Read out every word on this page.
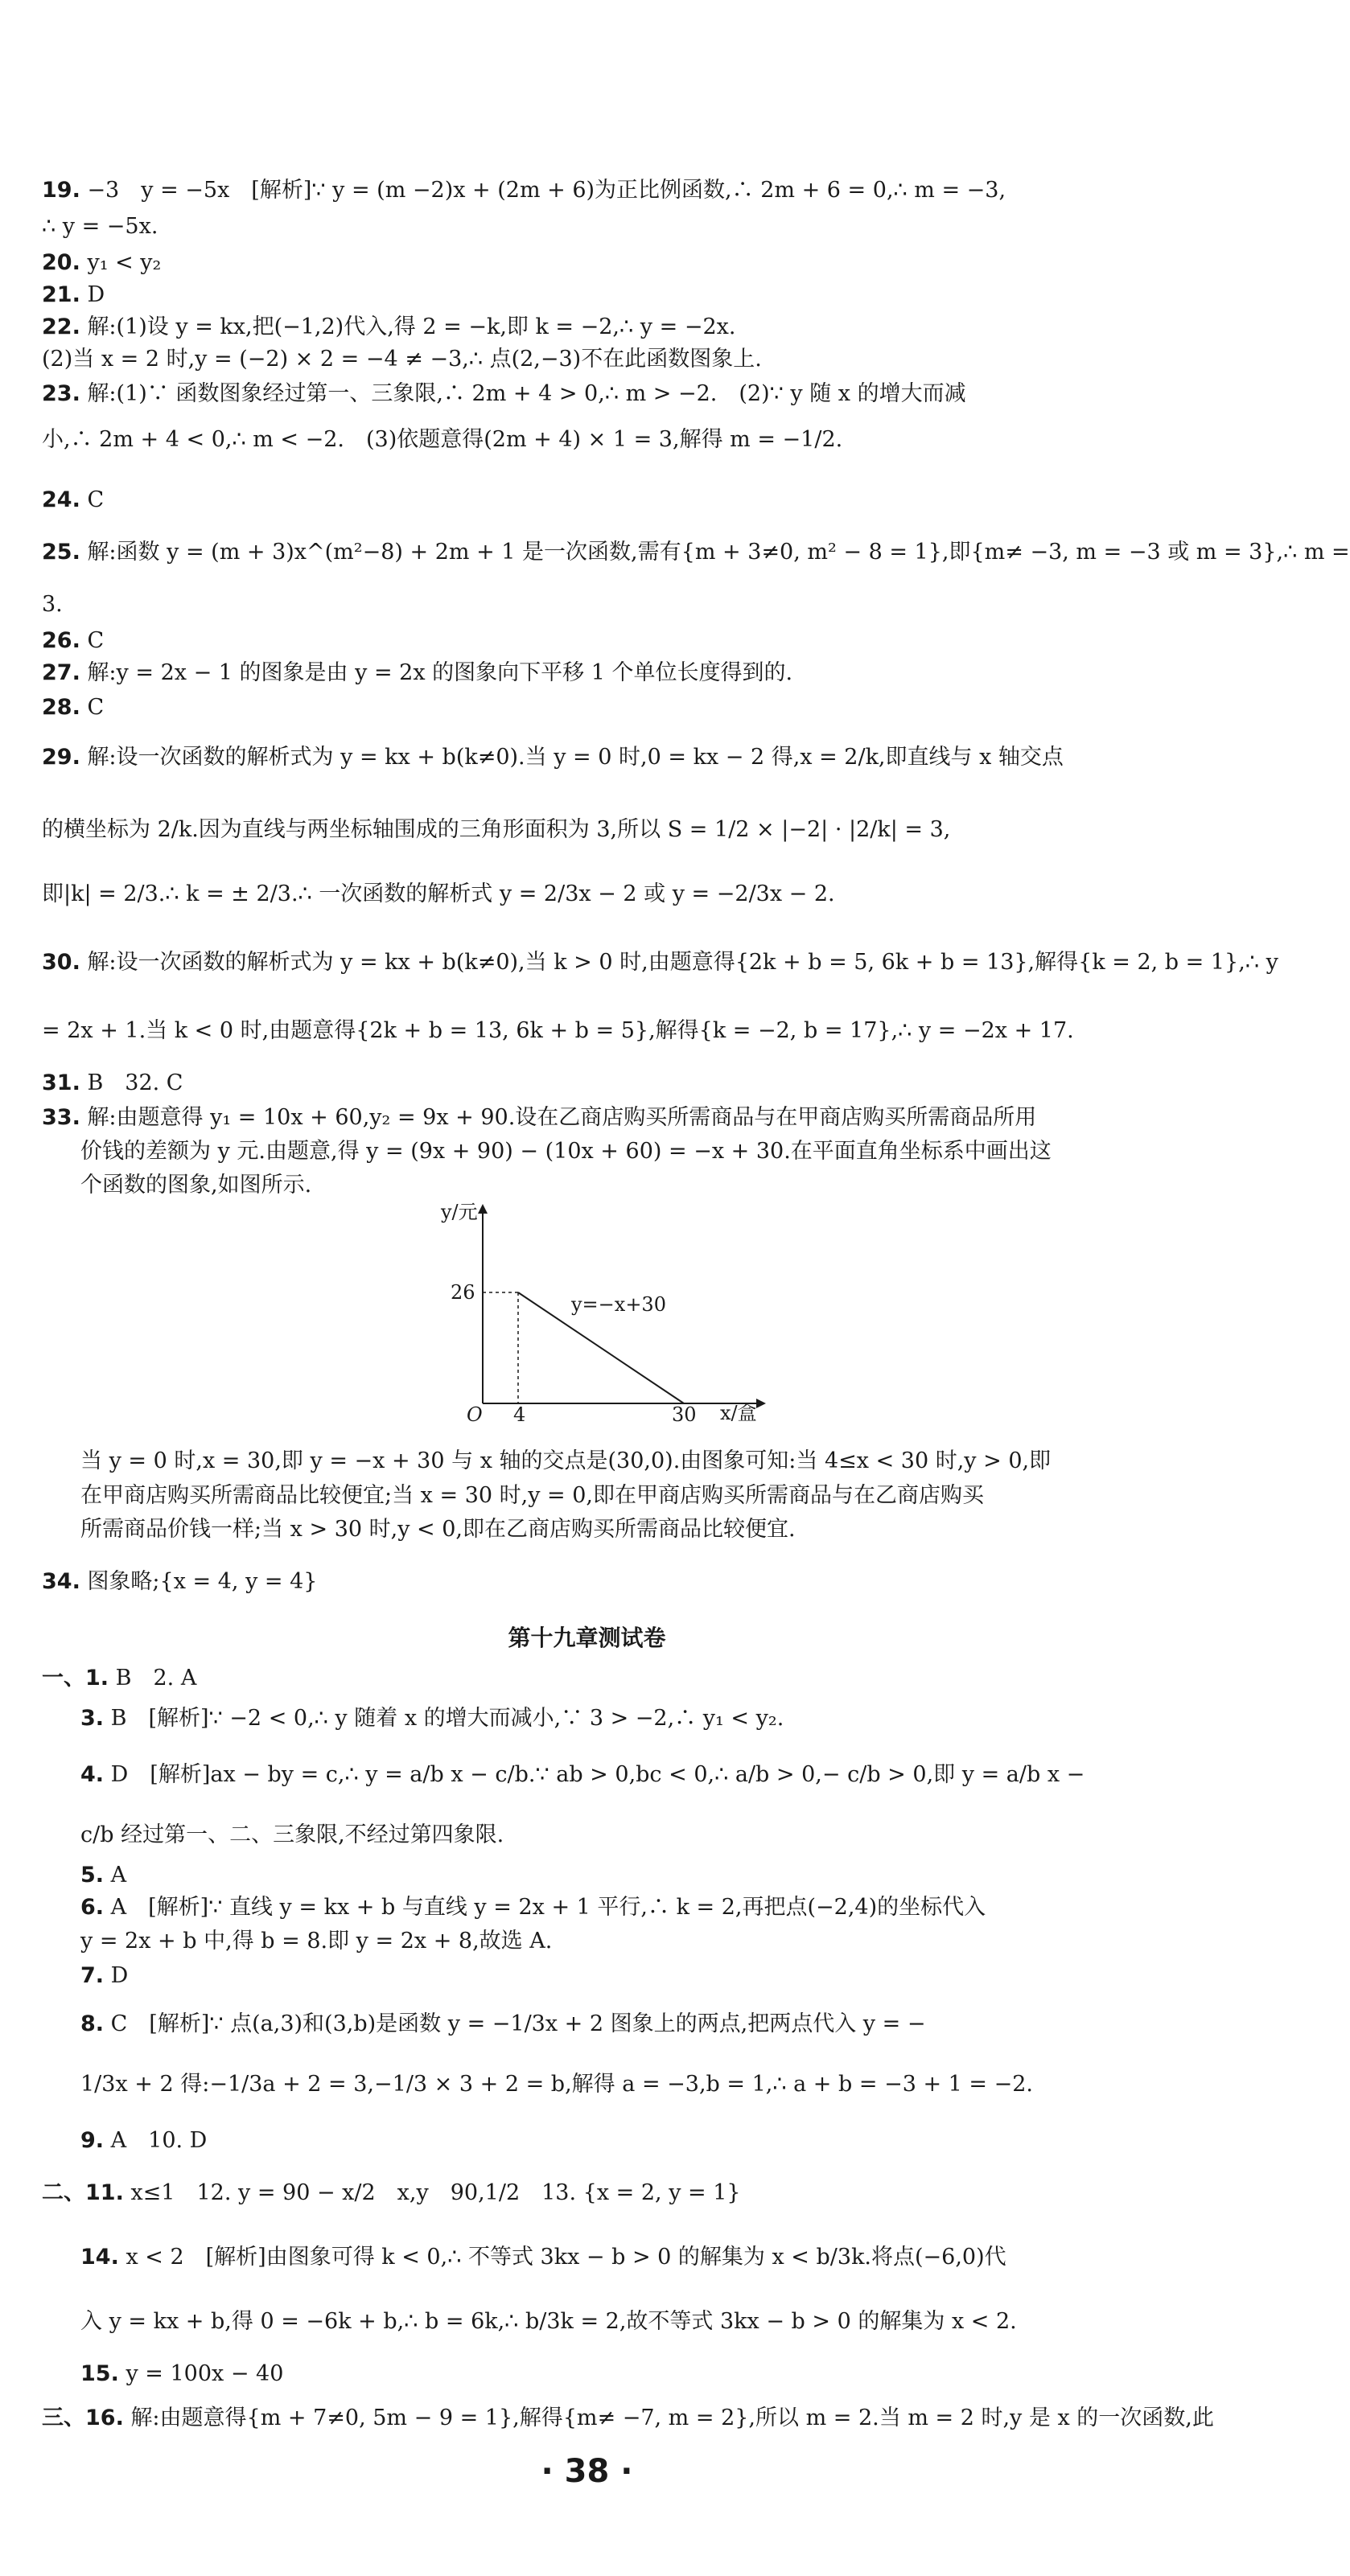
19. −3　y = −5x　[解析]∵ y = (m −2)x + (2m + 6)为正比例函数,∴ 2m + 6 = 0,∴ m = −3,
∴ y = −5x.
20. y₁ < y₂
21. D
22. 解:(1)设 y = kx,把(−1,2)代入,得 2 = −k,即 k = −2,∴ y = −2x.
(2)当 x = 2 时,y = (−2) × 2 = −4 ≠ −3,∴ 点(2,−3)不在此函数图象上.
23. 解:(1)∵ 函数图象经过第一、三象限,∴ 2m + 4 > 0,∴ m > −2.　(2)∵ y 随 x 的增大而减
小,∴ 2m + 4 < 0,∴ m < −2.　(3)依题意得(2m + 4) × 1 = 3,解得 m = −1/2.
24. C
25. 解:函数 y = (m + 3)x^(m²−8) + 2m + 1 是一次函数,需有{m + 3≠0, m² − 8 = 1},即{m≠ −3, m = −3 或 m = 3},∴ m =
3.
26. C
27. 解:y = 2x − 1 的图象是由 y = 2x 的图象向下平移 1 个单位长度得到的.
28. C
29. 解:设一次函数的解析式为 y = kx + b(k≠0).当 y = 0 时,0 = kx − 2 得,x = 2/k,即直线与 x 轴交点
的横坐标为 2/k.因为直线与两坐标轴围成的三角形面积为 3,所以 S = 1/2 × |−2| · |2/k| = 3,
即|k| = 2/3.∴ k = ± 2/3.∴ 一次函数的解析式 y = 2/3x − 2 或 y = −2/3x − 2.
30. 解:设一次函数的解析式为 y = kx + b(k≠0),当 k > 0 时,由题意得{2k + b = 5, 6k + b = 13},解得{k = 2, b = 1},∴ y
= 2x + 1.当 k < 0 时,由题意得{2k + b = 13, 6k + b = 5},解得{k = −2, b = 17},∴ y = −2x + 17.
31. B　32. C
33. 解:由题意得 y₁ = 10x + 60,y₂ = 9x + 90.设在乙商店购买所需商品与在甲商店购买所需商品所用
价钱的差额为 y 元.由题意,得 y = (9x + 90) − (10x + 60) = −x + 30.在平面直角坐标系中画出这
个函数的图象,如图所示.
y/元
x/盒
O
26
4	30
y=−x+30
当 y = 0 时,x = 30,即 y = −x + 30 与 x 轴的交点是(30,0).由图象可知:当 4≤x < 30 时,y > 0,即
在甲商店购买所需商品比较便宜;当 x = 30 时,y = 0,即在甲商店购买所需商品与在乙商店购买
所需商品价钱一样;当 x > 30 时,y < 0,即在乙商店购买所需商品比较便宜.
34. 图象略;{x = 4, y = 4}
第十九章测试卷
一、1. B　2. A
3. B　[解析]∵ −2 < 0,∴ y 随着 x 的增大而减小,∵ 3 > −2,∴ y₁ < y₂.
4. D　[解析]ax − by = c,∴ y = a/b x − c/b.∵ ab > 0,bc < 0,∴ a/b > 0,− c/b > 0,即 y = a/b x −
c/b 经过第一、二、三象限,不经过第四象限.
5. A
6. A　[解析]∵ 直线 y = kx + b 与直线 y = 2x + 1 平行,∴ k = 2,再把点(−2,4)的坐标代入
y = 2x + b 中,得 b = 8.即 y = 2x + 8,故选 A.
7. D
8. C　[解析]∵ 点(a,3)和(3,b)是函数 y = −1/3x + 2 图象上的两点,把两点代入 y = −
1/3x + 2 得:−1/3a + 2 = 3,−1/3 × 3 + 2 = b,解得 a = −3,b = 1,∴ a + b = −3 + 1 = −2.
9. A　10. D
二、11. x≤1　12. y = 90 − x/2　x,y　90,1/2　13. {x = 2, y = 1}
14. x < 2　[解析]由图象可得 k < 0,∴ 不等式 3kx − b > 0 的解集为 x < b/3k.将点(−6,0)代
入 y = kx + b,得 0 = −6k + b,∴ b = 6k,∴ b/3k = 2,故不等式 3kx − b > 0 的解集为 x < 2.
15. y = 100x − 40
三、16. 解:由题意得{m + 7≠0, 5m − 9 = 1},解得{m≠ −7, m = 2},所以 m = 2.当 m = 2 时,y 是 x 的一次函数,此
· 38 ·
